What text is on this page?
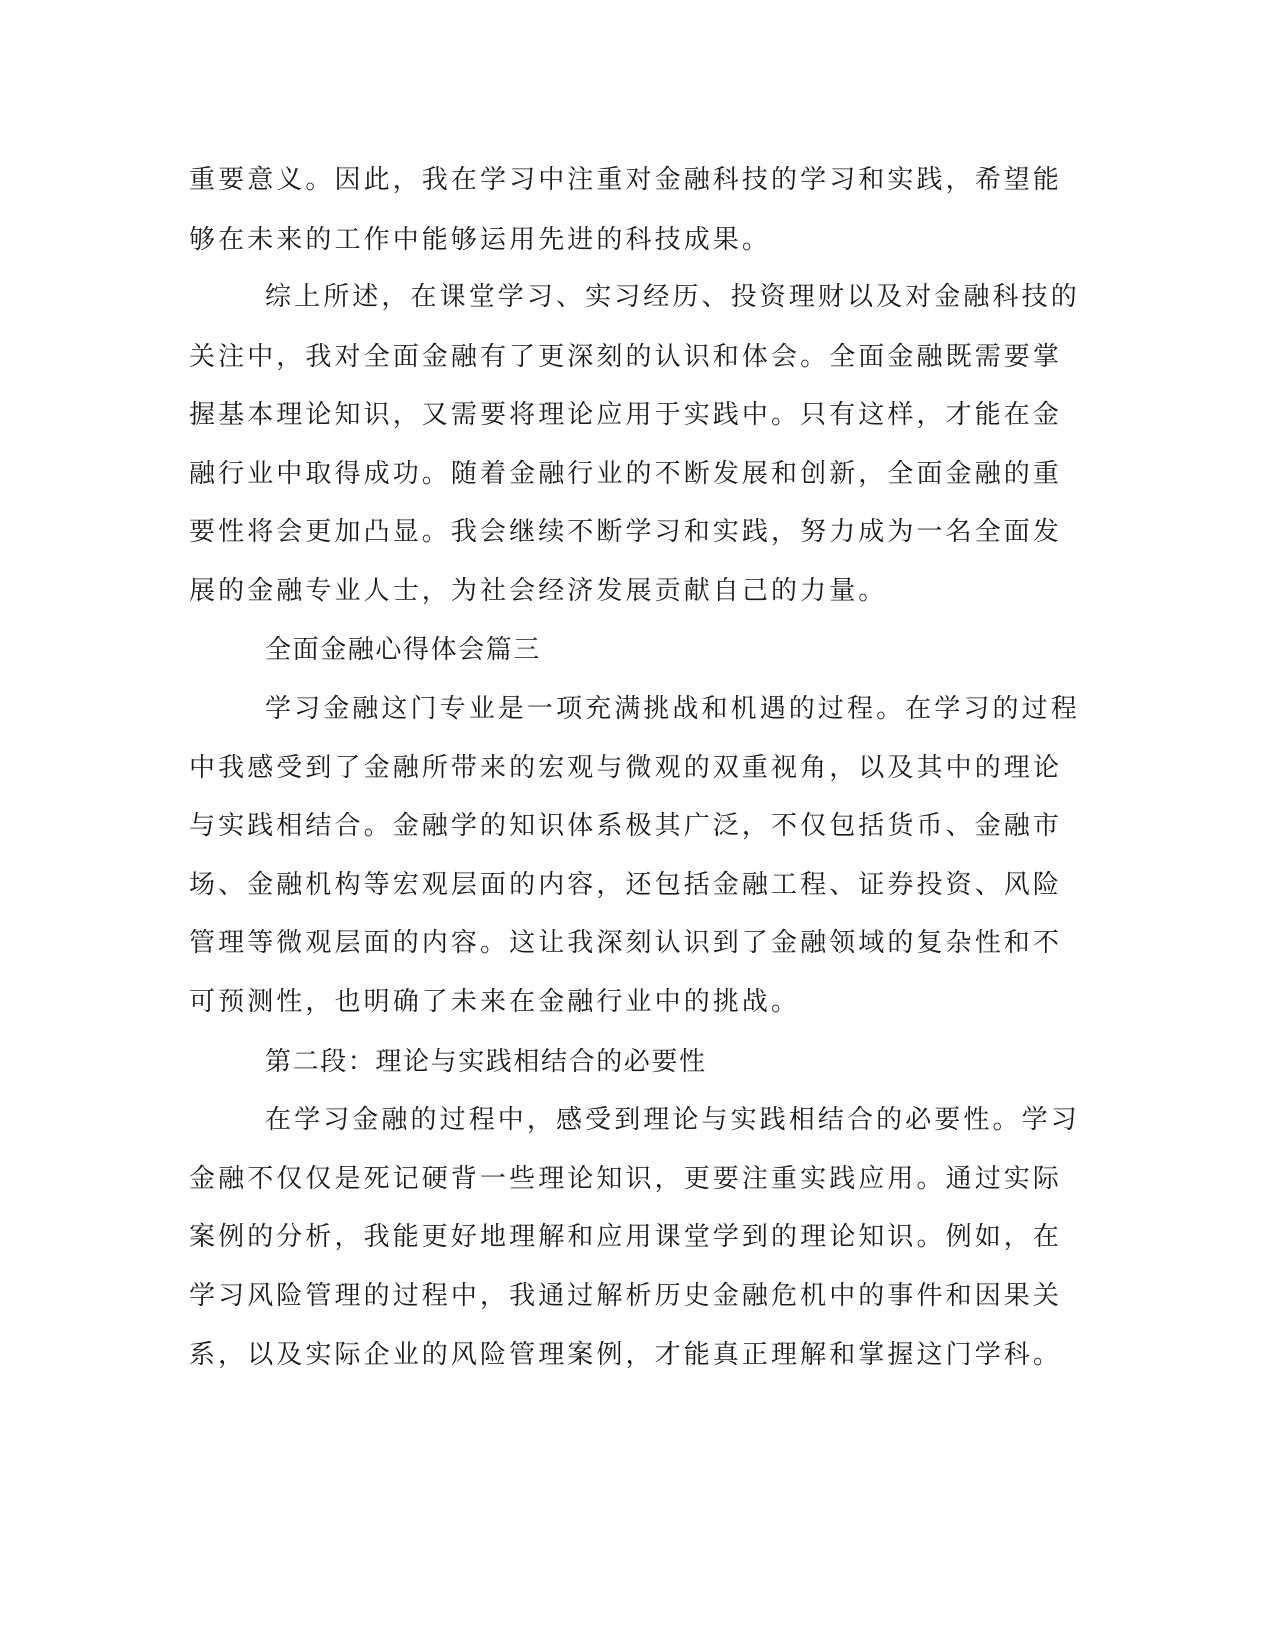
重要意义。因此，我在学习中注重对金融科技的学习和实践，希望能
够在未来的工作中能够运用先进的科技成果。
综上所述，在课堂学习、实习经历、投资理财以及对金融科技的
关注中，我对全面金融有了更深刻的认识和体会。全面金融既需要掌
握基本理论知识，又需要将理论应用于实践中。只有这样，才能在金
融行业中取得成功。随着金融行业的不断发展和创新，全面金融的重
要性将会更加凸显。我会继续不断学习和实践，努力成为一名全面发
展的金融专业人士，为社会经济发展贡献自己的力量。
全面金融心得体会篇三
学习金融这门专业是一项充满挑战和机遇的过程。在学习的过程
中我感受到了金融所带来的宏观与微观的双重视角，以及其中的理论
与实践相结合。金融学的知识体系极其广泛，不仅包括货币、金融市
场、金融机构等宏观层面的内容，还包括金融工程、证券投资、风险
管理等微观层面的内容。这让我深刻认识到了金融领域的复杂性和不
可预测性，也明确了未来在金融行业中的挑战。
第二段：理论与实践相结合的必要性
在学习金融的过程中，感受到理论与实践相结合的必要性。学习
金融不仅仅是死记硬背一些理论知识，更要注重实践应用。通过实际
案例的分析，我能更好地理解和应用课堂学到的理论知识。例如，在
学习风险管理的过程中，我通过解析历史金融危机中的事件和因果关
系，以及实际企业的风险管理案例，才能真正理解和掌握这门学科。
